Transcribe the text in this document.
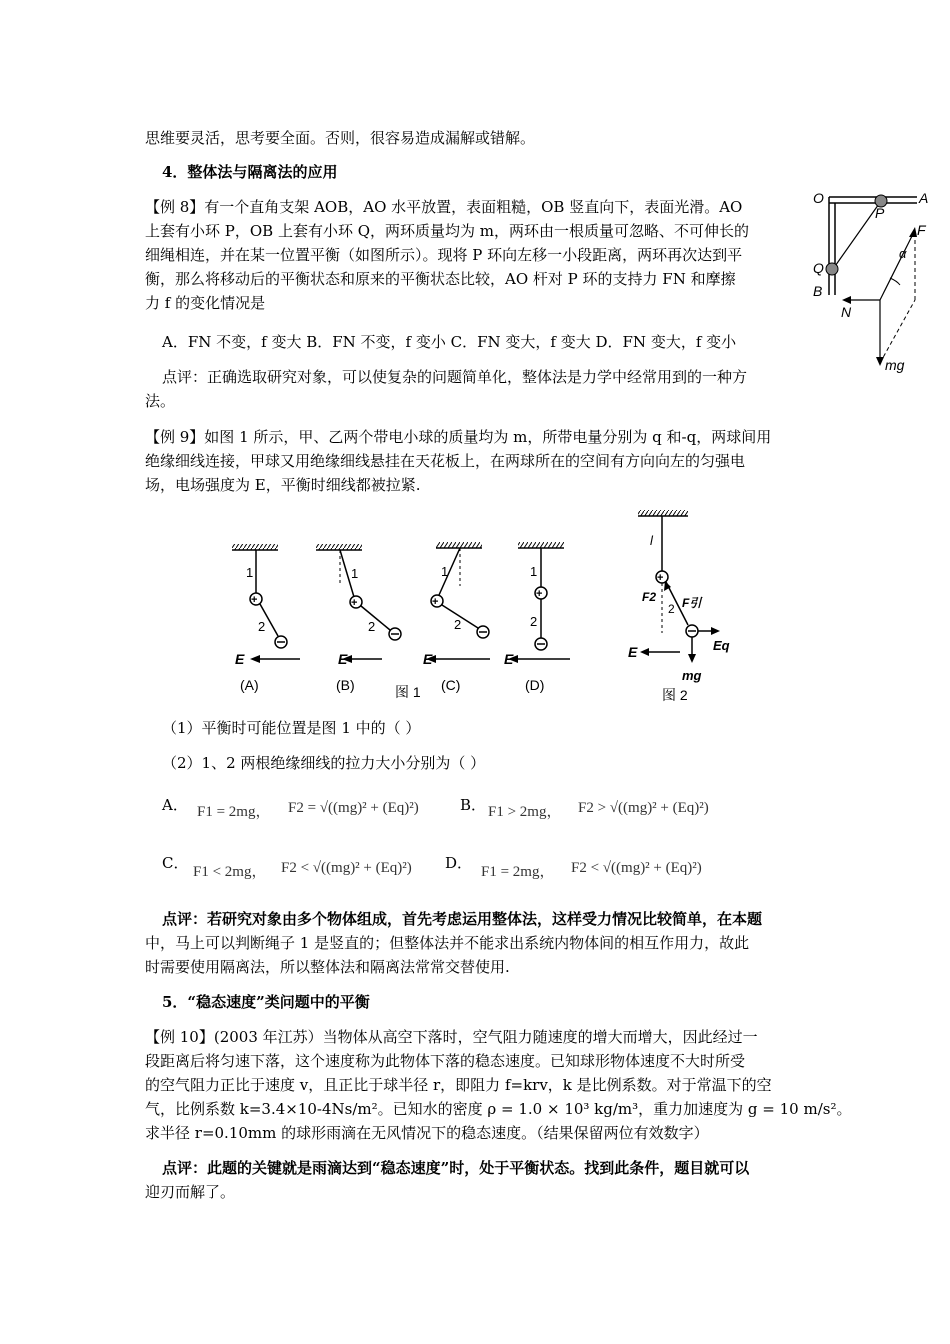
思维要灵活，思考要全面。否则，很容易造成漏解或错解。
4．整体法与隔离法的应用
【例 8】有一个直角支架 AOB，AO 水平放置，表面粗糙，OB 竖直向下，表面光滑。AO
上套有小环 P，OB 上套有小环 Q，两环质量均为 m，两环由一根质量可忽略、不可伸长的
细绳相连，并在某一位置平衡（如图所示）。现将 P 环向左移一小段距离，两环再次达到平
衡，那么将移动后的平衡状态和原来的平衡状态比较，AO 杆对 P 环的支持力 FN 和摩擦
力 f 的变化情况是
A．FN 不变，f 变大 B．FN 不变，f 变小 C．FN 变大，f 变大 D．FN 变大，f 变小
点评：正确选取研究对象，可以使复杂的问题简单化，整体法是力学中经常用到的一种方
法。
O	A
P
Q
B
F
α
N
mg
【例 9】如图 1 所示，甲、乙两个带电小球的质量均为 m，所带电量分别为 q 和-q，两球间用
绝缘细线连接，甲球又用绝缘细线悬挂在天花板上，在两球所在的空间有方向向左的匀强电
场，电场强度为 E，平衡时细线都被拉紧.
+
1
2
E
(A)
+
1
2
E
(B)
+
1
2
E
(C)
+
1
2
E
(D)
图 1
+
l
F2 F引
2
E	Eq
mg
图 2
（1）平衡时可能位置是图 1 中的（ ）
（2）1、2 两根绝缘细线的拉力大小分别为（ ）
A． F1 = 2mg， F2 = √((mg)² + (Eq)²)	B． F1 > 2mg， F2 > √((mg)² + (Eq)²)
C． F1 < 2mg， F2 < √((mg)² + (Eq)²) D． F1 = 2mg， F2 < √((mg)² + (Eq)²)
点评：若研究对象由多个物体组成，首先考虑运用整体法，这样受力情况比较简单，在本题
中，马上可以判断绳子 1 是竖直的；但整体法并不能求出系统内物体间的相互作用力，故此
时需要使用隔离法，所以整体法和隔离法常常交替使用.
5．“稳态速度”类问题中的平衡
【例 10】(2003 年江苏）当物体从高空下落时，空气阻力随速度的增大而增大，因此经过一
段距离后将匀速下落，这个速度称为此物体下落的稳态速度。已知球形物体速度不大时所受
的空气阻力正比于速度 v，且正比于球半径 r，即阻力 f=krv，k 是比例系数。对于常温下的空
气，比例系数 k=3.4×10-4Ns/m²。已知水的密度 ρ = 1.0 × 10³ kg/m³，重力加速度为 g = 10 m/s²。
求半径 r=0.10mm 的球形雨滴在无风情况下的稳态速度。（结果保留两位有效数字）
点评：此题的关键就是雨滴达到“稳态速度”时，处于平衡状态。找到此条件，题目就可以
迎刃而解了。
